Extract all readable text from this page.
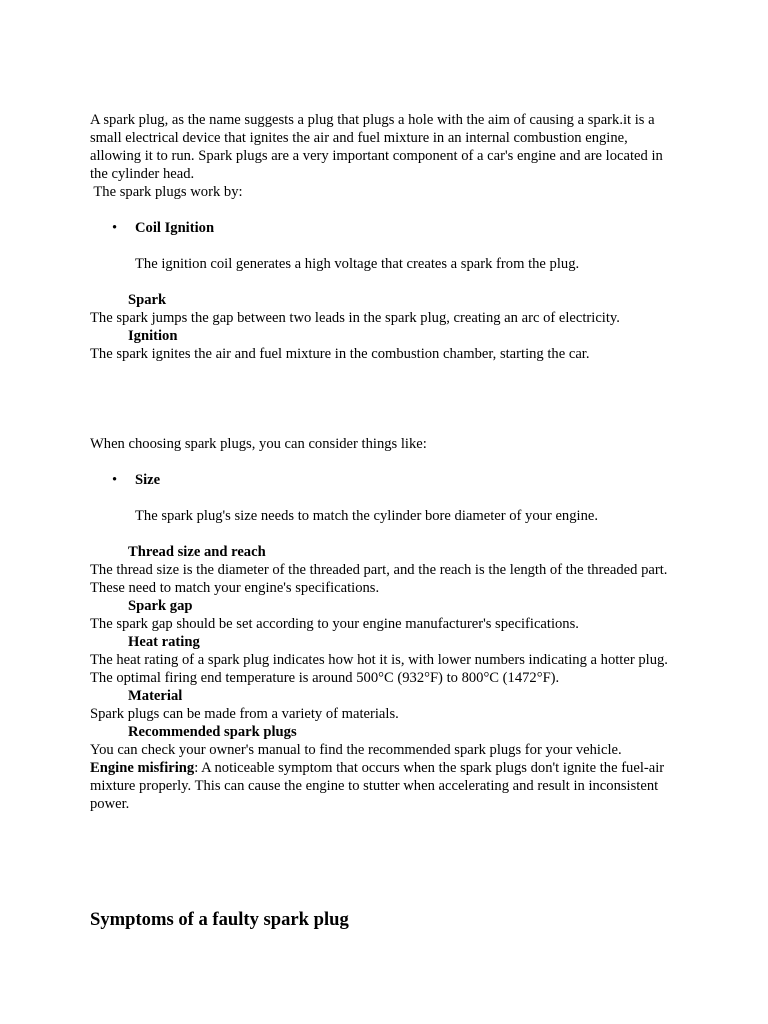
A spark plug, as the name suggests a plug that plugs a hole with the aim of causing a spark.it is a small electrical device that ignites the air and fuel mixture in an internal combustion engine, allowing it to run. Spark plugs are a very important component of a car's engine and are located in the cylinder head.

The spark plugs work by:

• Coil Ignition

The ignition coil generates a high voltage that creates a spark from the plug.

Spark

The spark jumps the gap between two leads in the spark plug, creating an arc of electricity.

Ignition

The spark ignites the air and fuel mixture in the combustion chamber, starting the car.

When choosing spark plugs, you can consider things like:

• Size

The spark plug's size needs to match the cylinder bore diameter of your engine.

Thread size and reach

The thread size is the diameter of the threaded part, and the reach is the length of the threaded part. These need to match your engine's specifications.

Spark gap

The spark gap should be set according to your engine manufacturer's specifications.

Heat rating

The heat rating of a spark plug indicates how hot it is, with lower numbers indicating a hotter plug. The optimal firing end temperature is around 500°C (932°F) to 800°C (1472°F).

Material

Spark plugs can be made from a variety of materials.

Recommended spark plugs

You can check your owner's manual to find the recommended spark plugs for your vehicle.

Engine misfiring: A noticeable symptom that occurs when the spark plugs don't ignite the fuel-air mixture properly. This can cause the engine to stutter when accelerating and result in inconsistent power.

Symptoms of a faulty spark plug
